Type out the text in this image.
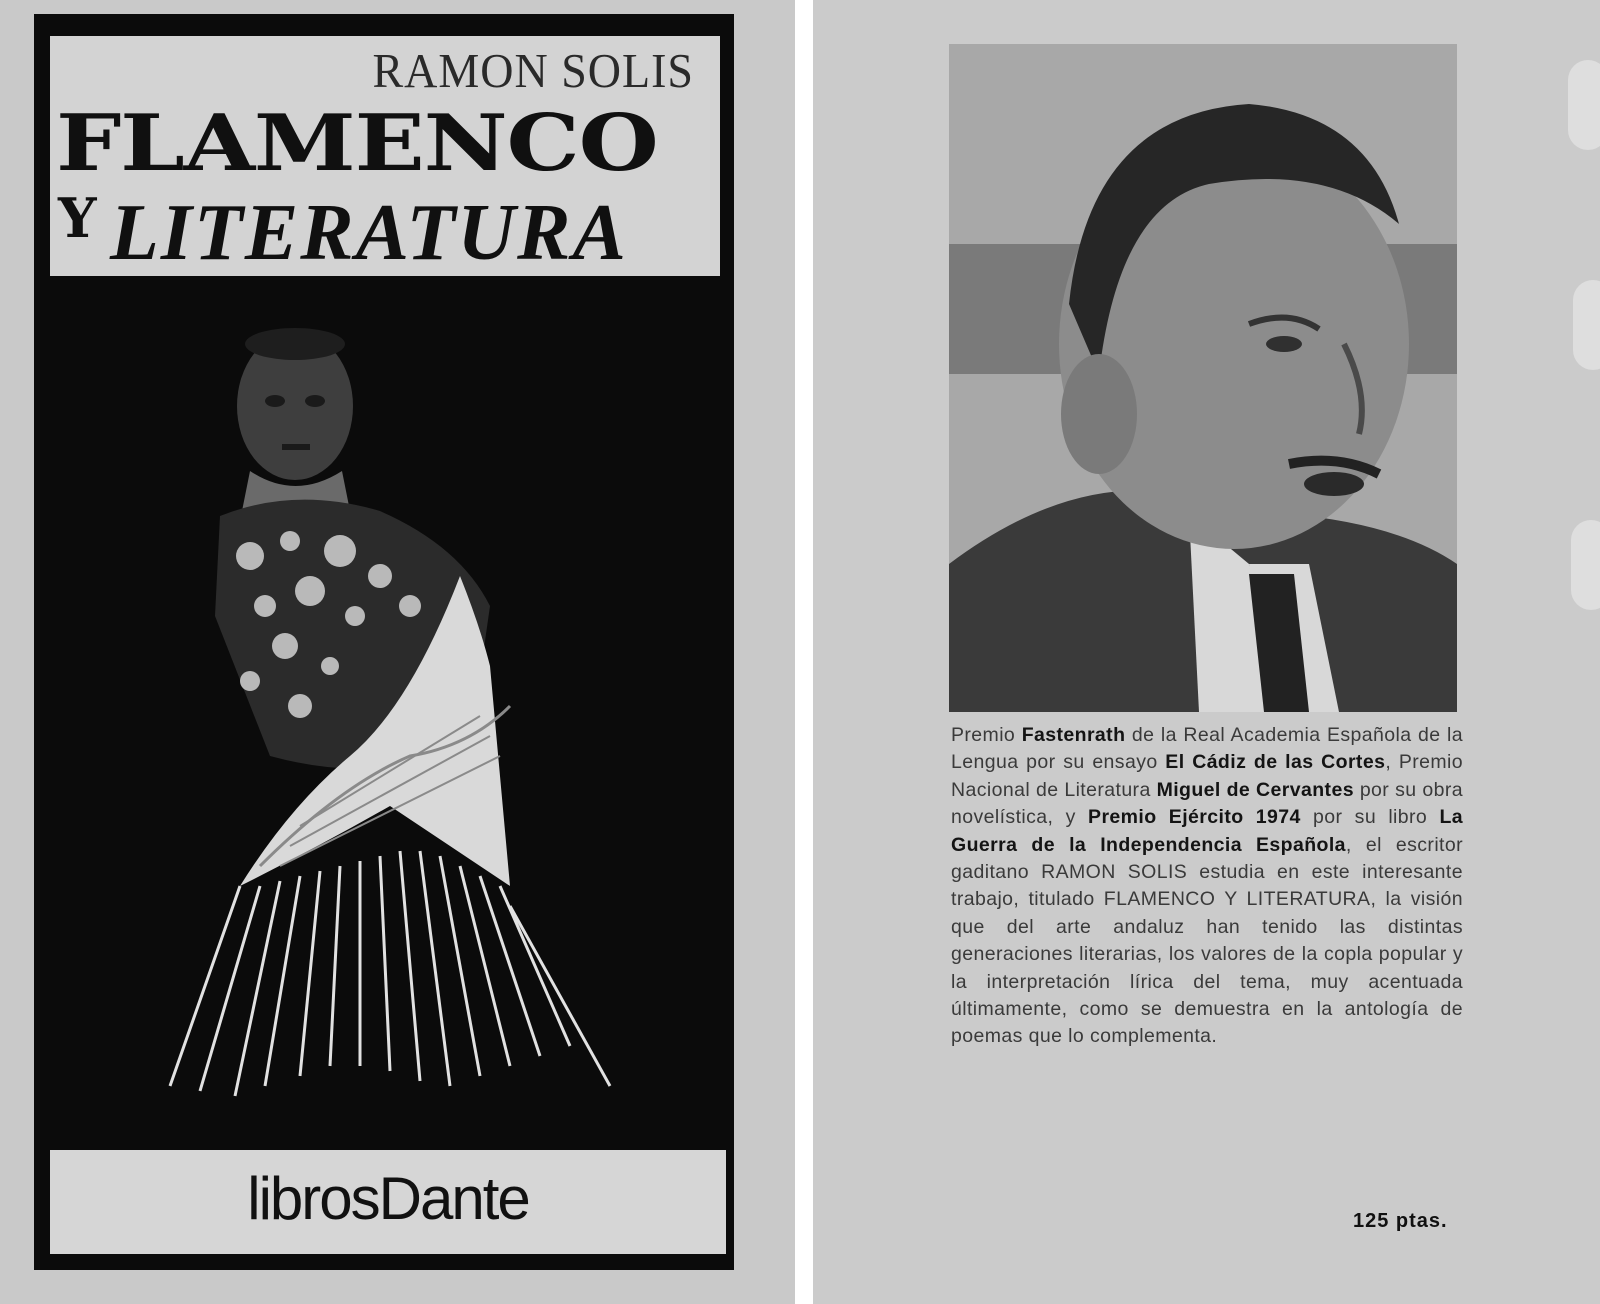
RAMON SOLIS
FLAMENCO
Y LITERATURA
librosDante
Premio Fastenrath de la Real Academia Española de la Lengua por su ensayo El Cádiz de las Cortes, Premio Nacional de Literatura Miguel de Cervantes por su obra novelística, y Premio Ejército 1974 por su libro La Guerra de la Independencia Española, el escritor gaditano RAMON SOLIS estudia en este interesante trabajo, titulado FLAMENCO Y LITERATURA, la visión que del arte andaluz han tenido las distintas generaciones literarias, los valores de la copla popular y la interpretación lírica del tema, muy acentuada últimamente, como se demuestra en la antología de poemas que lo complementa.
125 ptas.
